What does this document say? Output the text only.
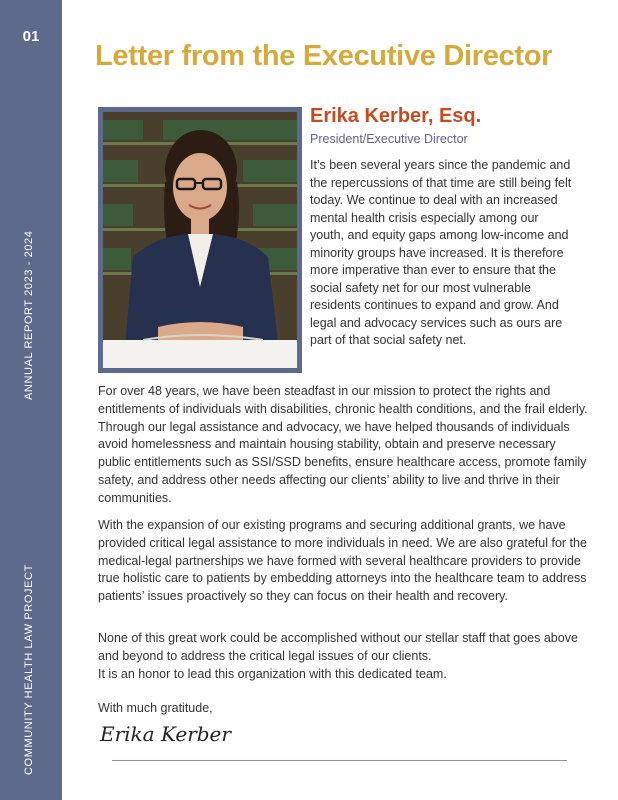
01
ANNUAL REPORT 2023 - 2024
COMMUNITY HEALTH LAW PROJECT
Letter from the Executive Director
Erika Kerber, Esq.
President/Executive Director

It’s been several years since the pandemic and the repercussions of that time are still being felt today. We continue to deal with an increased mental health crisis especially among our youth, and equity gaps among low-income and minority groups have increased. It is therefore more imperative than ever to ensure that the social safety net for our most vulnerable residents continues to expand and grow. And legal and advocacy services such as ours are part of that social safety net.

For over 48 years, we have been steadfast in our mission to protect the rights and entitlements of individuals with disabilities, chronic health conditions, and the frail elderly. Through our legal assistance and advocacy, we have helped thousands of individuals avoid homelessness and maintain housing stability, obtain and preserve necessary public entitlements such as SSI/SSD benefits, ensure healthcare access, promote family safety, and address other needs affecting our clients’ ability to live and thrive in their communities.

With the expansion of our existing programs and securing additional grants, we have provided critical legal assistance to more individuals in need. We are also grateful for the medical-legal partnerships we have formed with several healthcare providers to provide true holistic care to patients by embedding attorneys into the healthcare team to address patients’ issues proactively so they can focus on their health and recovery.

None of this great work could be accomplished without our stellar staff that goes above and beyond to address the critical legal issues of our clients.
It is an honor to lead this organization with this dedicated team.

With much gratitude,

Erika Kerber
